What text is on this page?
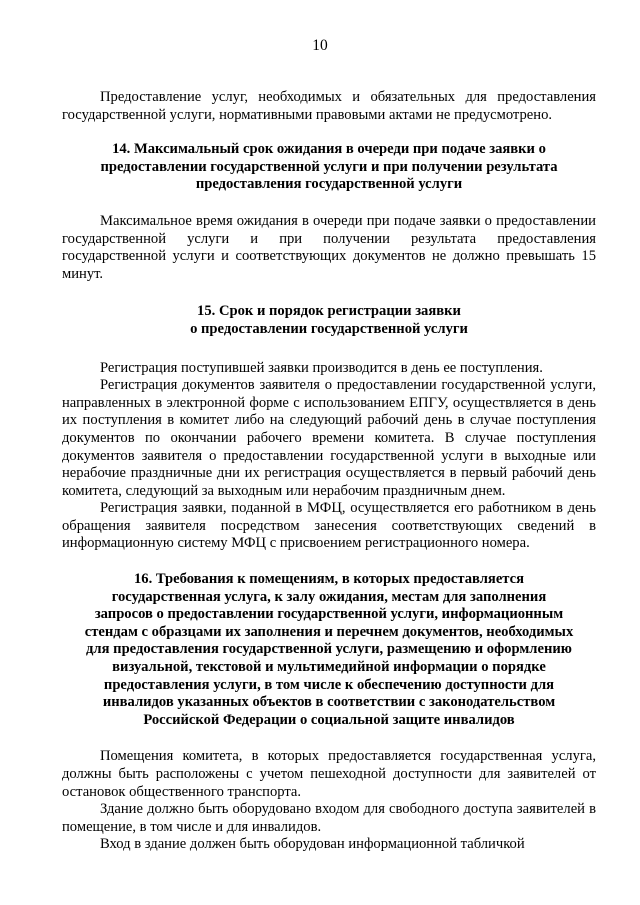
10

Предоставление услуг, необходимых и обязательных для предоставления государственной услуги, нормативными правовыми актами не предусмотрено.

14. Максимальный срок ожидания в очереди при подаче заявки о
предоставлении государственной услуги и при получении результата
предоставления государственной услуги

Максимальное время ожидания в очереди при подаче заявки о предоставлении государственной услуги и при получении результата предоставления государственной услуги и соответствующих документов не должно превышать 15 минут.

15. Срок и порядок регистрации заявки
о предоставлении государственной услуги

Регистрация поступившей заявки производится в день ее поступления.

Регистрация документов заявителя о предоставлении государственной услуги, направленных в электронной форме с использованием ЕПГУ, осуществляется в день их поступления в комитет либо на следующий рабочий день в случае поступления документов по окончании рабочего времени комитета. В случае поступления документов заявителя о предоставлении государственной услуги в выходные или нерабочие праздничные дни их регистрация осуществляется в первый рабочий день комитета, следующий за выходным или нерабочим праздничным днем.

Регистрация заявки, поданной в МФЦ, осуществляется его работником в день обращения заявителя посредством занесения соответствующих сведений в информационную систему МФЦ с присвоением регистрационного номера.

16. Требования к помещениям, в которых предоставляется
государственная услуга, к залу ожидания, местам для заполнения
запросов о предоставлении государственной услуги, информационным
стендам с образцами их заполнения и перечнем документов, необходимых
для предоставления государственной услуги, размещению и оформлению
визуальной, текстовой и мультимедийной информации о порядке
предоставления услуги, в том числе к обеспечению доступности для
инвалидов указанных объектов в соответствии с законодательством
Российской Федерации о социальной защите инвалидов

Помещения комитета, в которых предоставляется государственная услуга, должны быть расположены с учетом пешеходной доступности для заявителей от остановок общественного транспорта.

Здание должно быть оборудовано входом для свободного доступа заявителей в помещение, в том числе и для инвалидов.

Вход в здание должен быть оборудован информационной табличкой
